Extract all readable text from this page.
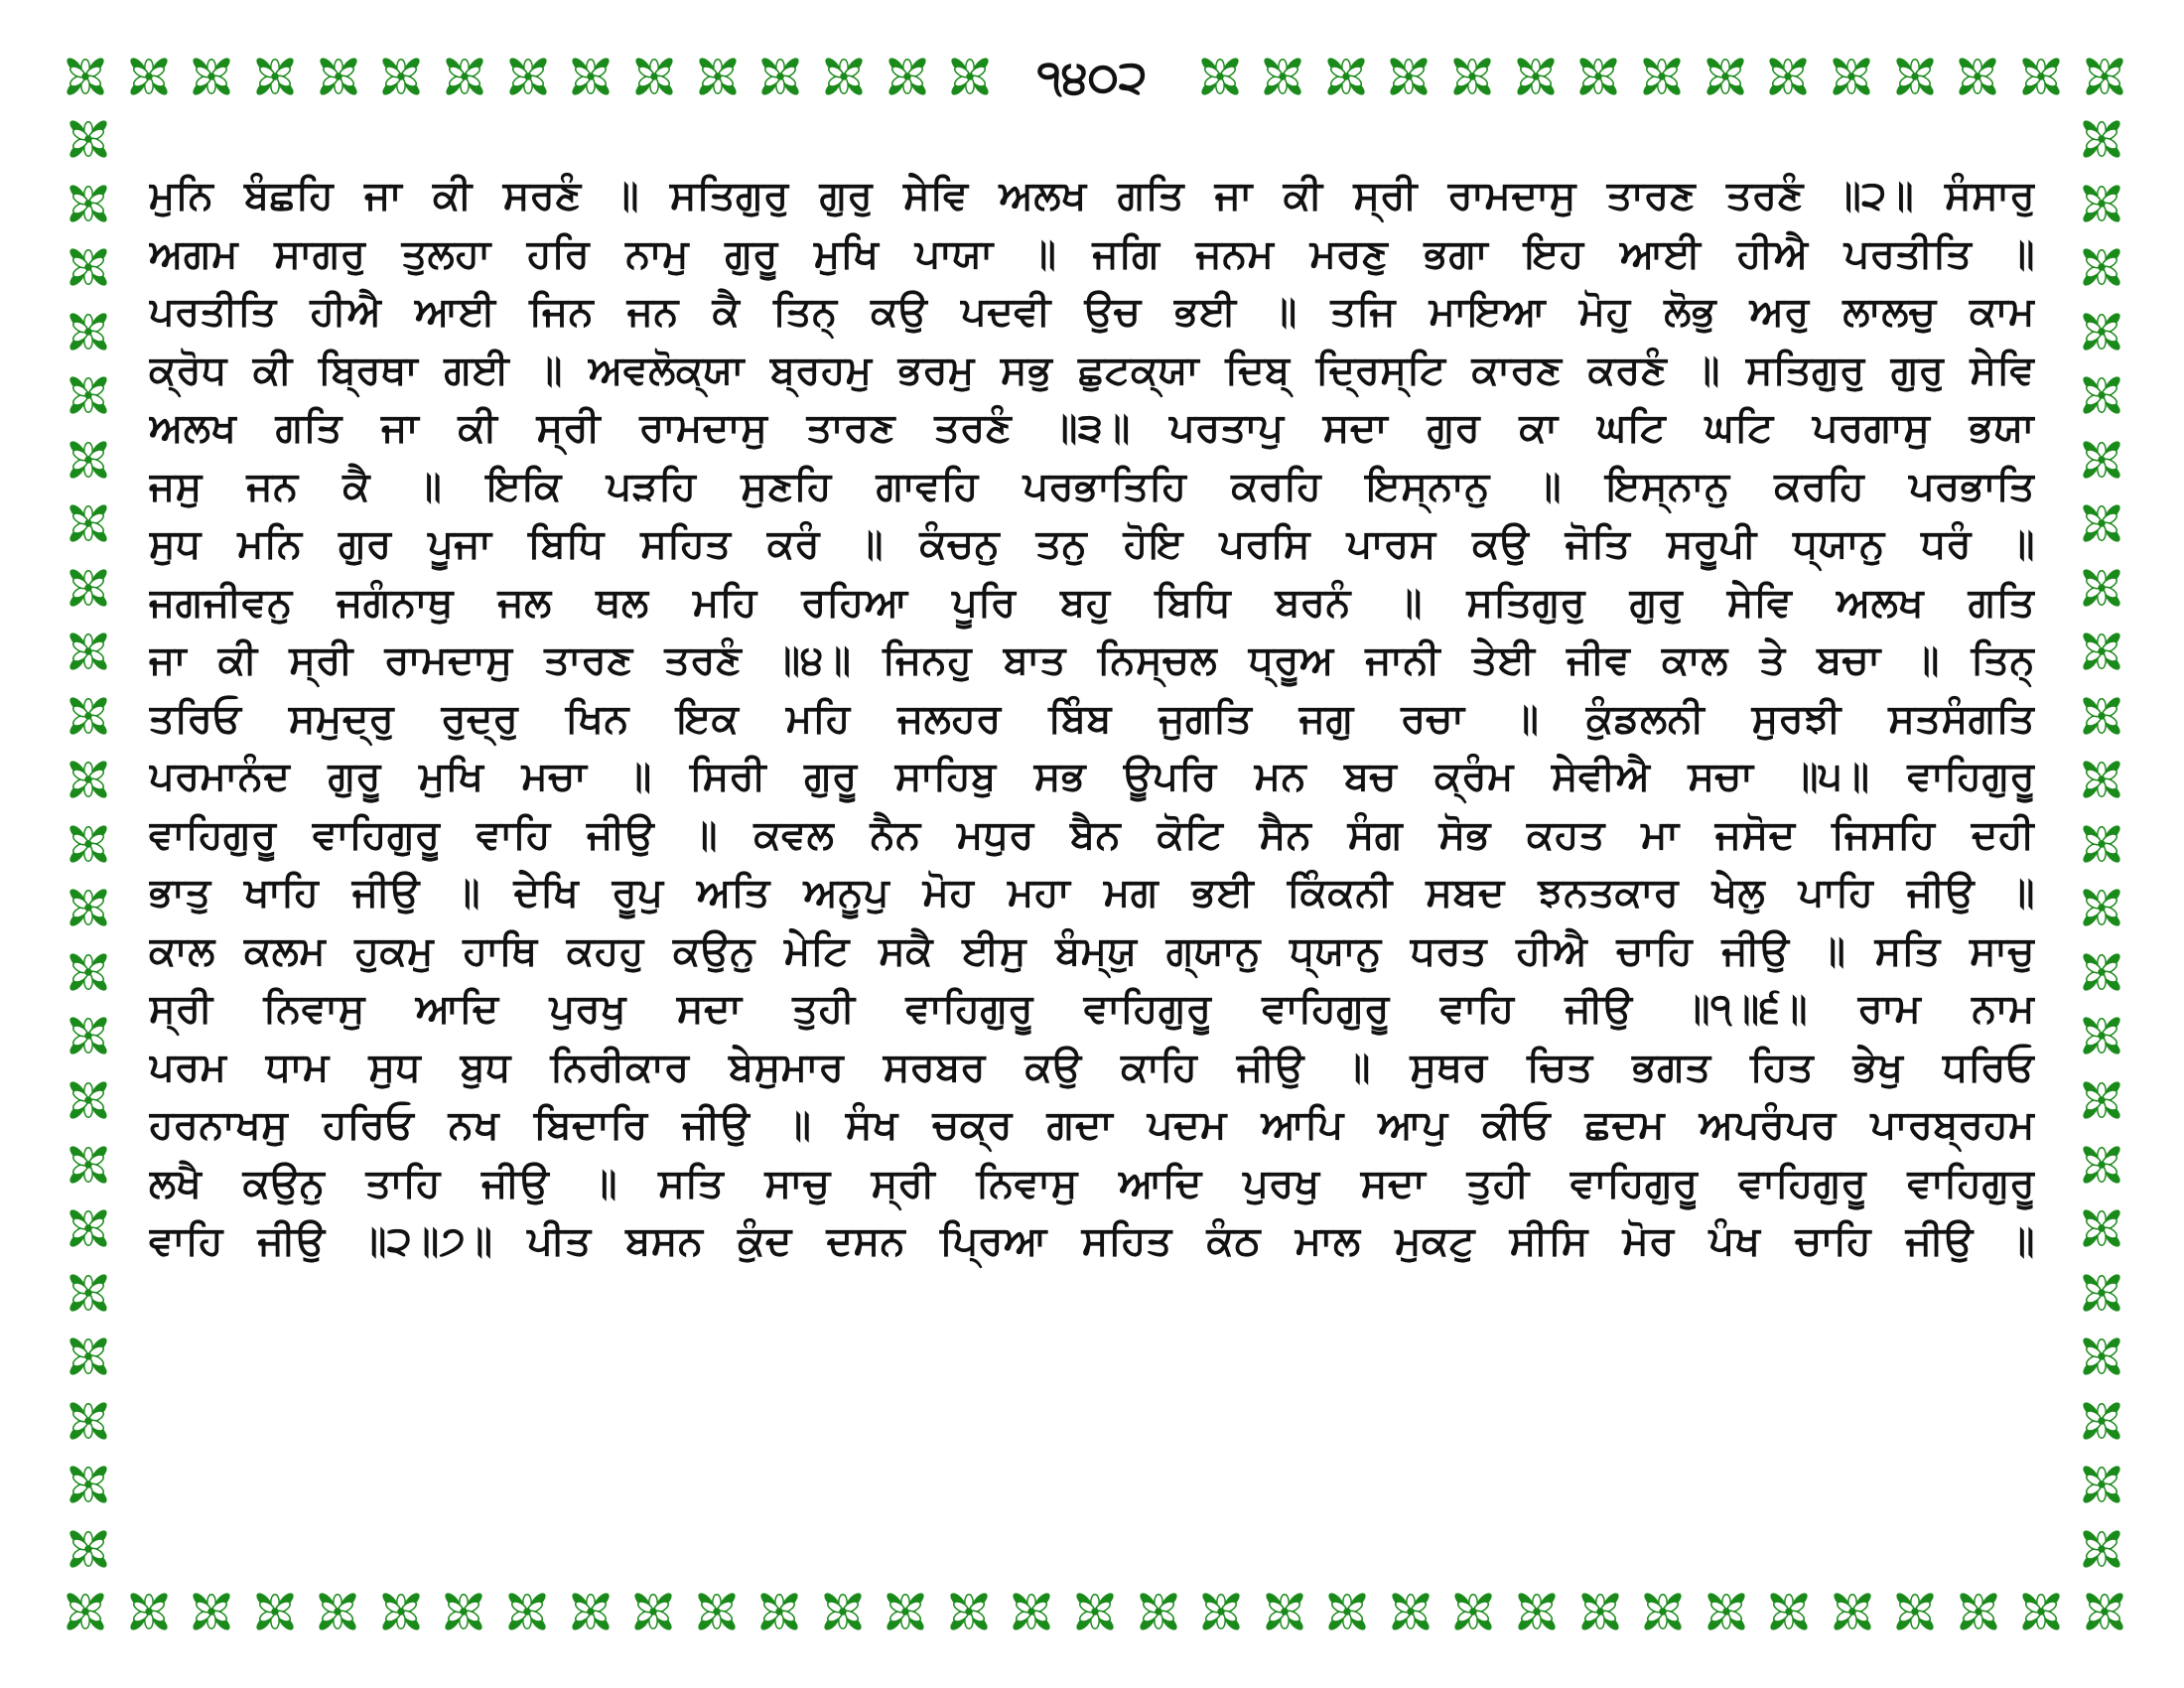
੧੪੦੨
ਮੁਨਿ ਬੰਛਹਿ ਜਾ ਕੀ ਸਰਣੰ ॥ ਸਤਿਗੁਰੁ ਗੁਰੁ ਸੇਵਿ ਅਲਖ ਗਤਿ ਜਾ ਕੀ ਸ੍ਰੀ ਰਾਮਦਾਸੁ ਤਾਰਣ ਤਰਣੰ ॥੨॥ ਸੰਸਾਰੁ
ਅਗਮ ਸਾਗਰੁ ਤੁਲਹਾ ਹਰਿ ਨਾਮੁ ਗੁਰੂ ਮੁਖਿ ਪਾਯਾ ॥ ਜਗਿ ਜਨਮ ਮਰਣੁ ਭਗਾ ਇਹ ਆਈ ਹੀਐ ਪਰਤੀਤਿ ॥
ਪਰਤੀਤਿ ਹੀਐ ਆਈ ਜਿਨ ਜਨ ਕੈ ਤਿਨ੍ ਕਉ ਪਦਵੀ ਉਚ ਭਈ ॥ ਤਜਿ ਮਾਇਆ ਮੋਹੁ ਲੋਭੁ ਅਰੁ ਲਾਲਚੁ ਕਾਮ
ਕ੍ਰੋਧ ਕੀ ਬ੍ਰਿਥਾ ਗਈ ॥ ਅਵਲੋਕ੍ਯਾ ਬ੍ਰਹਮੁ ਭਰਮੁ ਸਭੁ ਛੁਟਕ੍ਯਾ ਦਿਬ੍ ਦ੍ਰਿਸ੍ਟਿ ਕਾਰਣ ਕਰਣੰ ॥ ਸਤਿਗੁਰੁ ਗੁਰੁ ਸੇਵਿ
ਅਲਖ ਗਤਿ ਜਾ ਕੀ ਸ੍ਰੀ ਰਾਮਦਾਸੁ ਤਾਰਣ ਤਰਣੰ ॥੩॥ ਪਰਤਾਪੁ ਸਦਾ ਗੁਰ ਕਾ ਘਟਿ ਘਟਿ ਪਰਗਾਸੁ ਭਯਾ
ਜਸੁ ਜਨ ਕੈ ॥ ਇਕਿ ਪੜਹਿ ਸੁਣਹਿ ਗਾਵਹਿ ਪਰਭਾਤਿਹਿ ਕਰਹਿ ਇਸ੍ਨਾਨੁ ॥ ਇਸ੍ਨਾਨੁ ਕਰਹਿ ਪਰਭਾਤਿ
ਸੁਧ ਮਨਿ ਗੁਰ ਪੂਜਾ ਬਿਧਿ ਸਹਿਤ ਕਰੰ ॥ ਕੰਚਨੁ ਤਨੁ ਹੋਇ ਪਰਸਿ ਪਾਰਸ ਕਉ ਜੋਤਿ ਸਰੂਪੀ ਧ੍ਯਾਨੁ ਧਰੰ ॥
ਜਗਜੀਵਨੁ ਜਗੰਨਾਥੁ ਜਲ ਥਲ ਮਹਿ ਰਹਿਆ ਪੂਰਿ ਬਹੁ ਬਿਧਿ ਬਰਨੰ ॥ ਸਤਿਗੁਰੁ ਗੁਰੁ ਸੇਵਿ ਅਲਖ ਗਤਿ
ਜਾ ਕੀ ਸ੍ਰੀ ਰਾਮਦਾਸੁ ਤਾਰਣ ਤਰਣੰ ॥੪॥ ਜਿਨਹੁ ਬਾਤ ਨਿਸ੍ਚਲ ਧ੍ਰੂਅ ਜਾਨੀ ਤੇਈ ਜੀਵ ਕਾਲ ਤੇ ਬਚਾ ॥ ਤਿਨ੍
ਤਰਿਓ ਸਮੁਦ੍ਰੁ ਰੁਦ੍ਰੁ ਖਿਨ ਇਕ ਮਹਿ ਜਲਹਰ ਬਿੰਬ ਜੁਗਤਿ ਜਗੁ ਰਚਾ ॥ ਕੁੰਡਲਨੀ ਸੁਰਝੀ ਸਤਸੰਗਤਿ
ਪਰਮਾਨੰਦ ਗੁਰੂ ਮੁਖਿ ਮਚਾ ॥ ਸਿਰੀ ਗੁਰੂ ਸਾਹਿਬੁ ਸਭ ਊਪਰਿ ਮਨ ਬਚ ਕ੍ਰੰਮ ਸੇਵੀਐ ਸਚਾ ॥੫॥ ਵਾਹਿਗੁਰੂ
ਵਾਹਿਗੁਰੂ ਵਾਹਿਗੁਰੂ ਵਾਹਿ ਜੀਉ ॥ ਕਵਲ ਨੈਨ ਮਧੁਰ ਬੈਨ ਕੋਟਿ ਸੈਨ ਸੰਗ ਸੋਭ ਕਹਤ ਮਾ ਜਸੋਦ ਜਿਸਹਿ ਦਹੀ
ਭਾਤੁ ਖਾਹਿ ਜੀਉ ॥ ਦੇਖਿ ਰੂਪੁ ਅਤਿ ਅਨੂਪੁ ਮੋਹ ਮਹਾ ਮਗ ਭਈ ਕਿੰਕਨੀ ਸਬਦ ਝਨਤਕਾਰ ਖੇਲੁ ਪਾਹਿ ਜੀਉ ॥
ਕਾਲ ਕਲਮ ਹੁਕਮੁ ਹਾਥਿ ਕਹਹੁ ਕਉਨੁ ਮੇਟਿ ਸਕੈ ਈਸੁ ਬੰਮ੍ਯੁ ਗ੍ਯਾਨੁ ਧ੍ਯਾਨੁ ਧਰਤ ਹੀਐ ਚਾਹਿ ਜੀਉ ॥ ਸਤਿ ਸਾਚੁ
ਸ੍ਰੀ ਨਿਵਾਸੁ ਆਦਿ ਪੁਰਖੁ ਸਦਾ ਤੁਹੀ ਵਾਹਿਗੁਰੂ ਵਾਹਿਗੁਰੂ ਵਾਹਿਗੁਰੂ ਵਾਹਿ ਜੀਉ ॥੧॥੬॥ ਰਾਮ ਨਾਮ
ਪਰਮ ਧਾਮ ਸੁਧ ਬੁਧ ਨਿਰੀਕਾਰ ਬੇਸੁਮਾਰ ਸਰਬਰ ਕਉ ਕਾਹਿ ਜੀਉ ॥ ਸੁਥਰ ਚਿਤ ਭਗਤ ਹਿਤ ਭੇਖੁ ਧਰਿਓ
ਹਰਨਾਖਸੁ ਹਰਿਓ ਨਖ ਬਿਦਾਰਿ ਜੀਉ ॥ ਸੰਖ ਚਕ੍ਰ ਗਦਾ ਪਦਮ ਆਪਿ ਆਪੁ ਕੀਓ ਛਦਮ ਅਪਰੰਪਰ ਪਾਰਬ੍ਰਹਮ
ਲਖੈ ਕਉਨੁ ਤਾਹਿ ਜੀਉ ॥ ਸਤਿ ਸਾਚੁ ਸ੍ਰੀ ਨਿਵਾਸੁ ਆਦਿ ਪੁਰਖੁ ਸਦਾ ਤੁਹੀ ਵਾਹਿਗੁਰੂ ਵਾਹਿਗੁਰੂ ਵਾਹਿਗੁਰੂ
ਵਾਹਿ ਜੀਉ ॥੨॥੭॥ ਪੀਤ ਬਸਨ ਕੁੰਦ ਦਸਨ ਪ੍ਰਿਆ ਸਹਿਤ ਕੰਠ ਮਾਲ ਮੁਕਟੁ ਸੀਸਿ ਮੋਰ ਪੰਖ ਚਾਹਿ ਜੀਉ ॥
